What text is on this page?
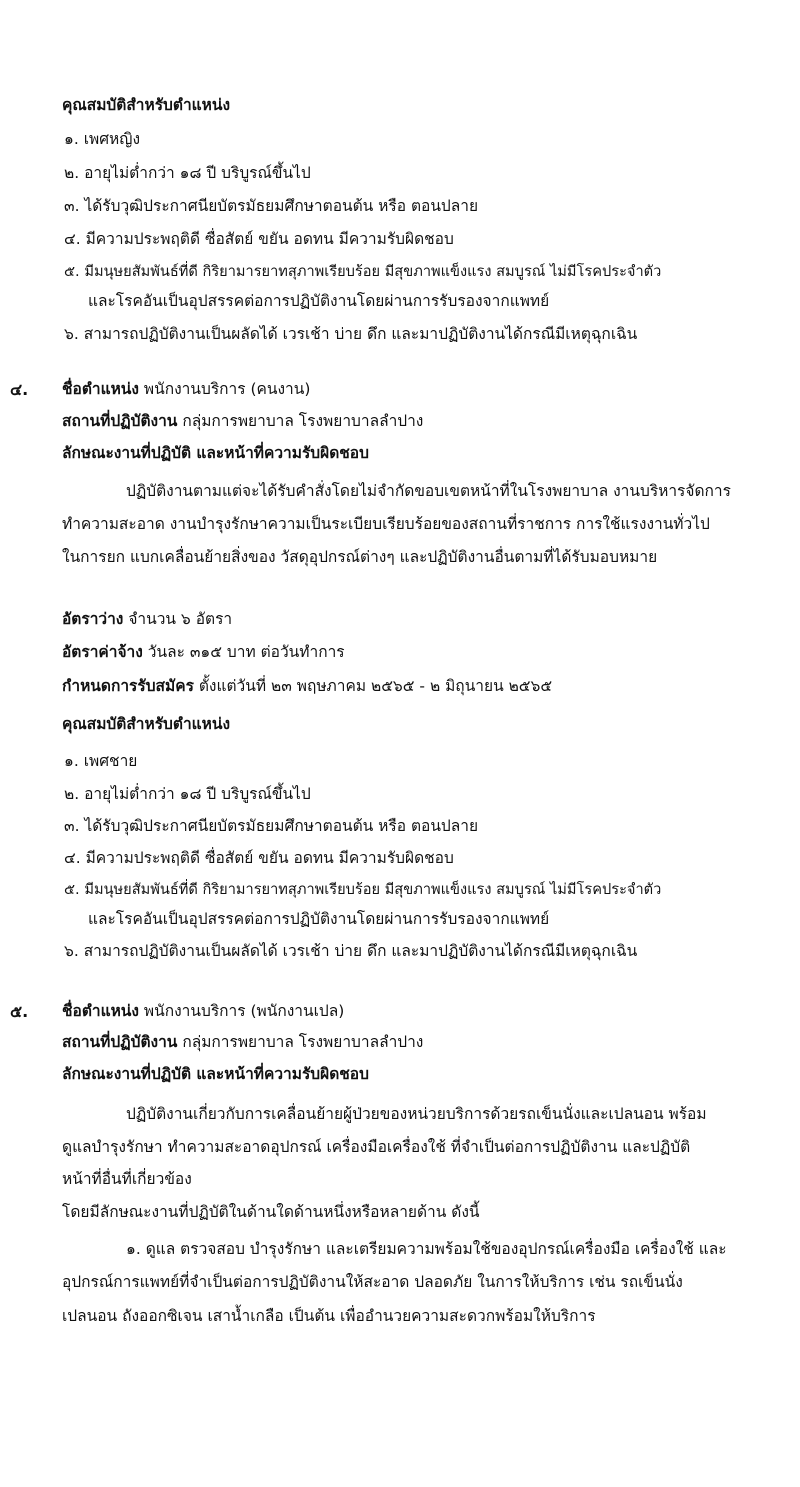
คุณสมบัติสำหรับตำแหน่ง
๑. เพศหญิง
๒. อายุไม่ต่ำกว่า ๑๘ ปี บริบูรณ์ขึ้นไป
๓. ได้รับวุฒิประกาศนียบัตรมัธยมศึกษาตอนต้น หรือ ตอนปลาย
๔. มีความประพฤติดี ซื่อสัตย์ ขยัน อดทน มีความรับผิดชอบ
๕. มีมนุษยสัมพันธ์ที่ดี กิริยามารยาทสุภาพเรียบร้อย มีสุขภาพแข็งแรง สมบูรณ์ ไม่มีโรคประจำตัว
และโรคอันเป็นอุปสรรคต่อการปฏิบัติงานโดยผ่านการรับรองจากแพทย์
๖. สามารถปฏิบัติงานเป็นผลัดได้ เวรเช้า บ่าย ดึก และมาปฏิบัติงานได้กรณีมีเหตุฉุกเฉิน
๔. ชื่อตำแหน่ง พนักงานบริการ (คนงาน)
สถานที่ปฏิบัติงาน กลุ่มการพยาบาล โรงพยาบาลลำปาง
ลักษณะงานที่ปฏิบัติ และหน้าที่ความรับผิดชอบ
ปฏิบัติงานตามแต่จะได้รับคำสั่งโดยไม่จำกัดขอบเขตหน้าที่ในโรงพยาบาล งานบริหารจัดการ
ทำความสะอาด งานบำรุงรักษาความเป็นระเบียบเรียบร้อยของสถานที่ราชการ การใช้แรงงานทั่วไป
ในการยก แบกเคลื่อนย้ายสิ่งของ วัสดุอุปกรณ์ต่างๆ และปฏิบัติงานอื่นตามที่ได้รับมอบหมาย
อัตราว่าง จำนวน ๖ อัตรา
อัตราค่าจ้าง วันละ ๓๑๕ บาท ต่อวันทำการ
กำหนดการรับสมัคร ตั้งแต่วันที่ ๒๓ พฤษภาคม ๒๕๖๕ - ๒ มิถุนายน ๒๕๖๕
คุณสมบัติสำหรับตำแหน่ง
๑. เพศชาย
๒. อายุไม่ต่ำกว่า ๑๘ ปี บริบูรณ์ขึ้นไป
๓. ได้รับวุฒิประกาศนียบัตรมัธยมศึกษาตอนต้น หรือ ตอนปลาย
๔. มีความประพฤติดี ซื่อสัตย์ ขยัน อดทน มีความรับผิดชอบ
๕. มีมนุษยสัมพันธ์ที่ดี กิริยามารยาทสุภาพเรียบร้อย มีสุขภาพแข็งแรง สมบูรณ์ ไม่มีโรคประจำตัว
และโรคอันเป็นอุปสรรคต่อการปฏิบัติงานโดยผ่านการรับรองจากแพทย์
๖. สามารถปฏิบัติงานเป็นผลัดได้ เวรเช้า บ่าย ดึก และมาปฏิบัติงานได้กรณีมีเหตุฉุกเฉิน
๕. ชื่อตำแหน่ง พนักงานบริการ (พนักงานเปล)
สถานที่ปฏิบัติงาน กลุ่มการพยาบาล โรงพยาบาลลำปาง
ลักษณะงานที่ปฏิบัติ และหน้าที่ความรับผิดชอบ
ปฏิบัติงานเกี่ยวกับการเคลื่อนย้ายผู้ป่วยของหน่วยบริการด้วยรถเข็นนั่งและเปลนอน พร้อม
ดูแลบำรุงรักษา ทำความสะอาดอุปกรณ์ เครื่องมือเครื่องใช้ ที่จำเป็นต่อการปฏิบัติงาน และปฏิบัติ
หน้าที่อื่นที่เกี่ยวข้อง
โดยมีลักษณะงานที่ปฏิบัติในด้านใดด้านหนึ่งหรือหลายด้าน ดังนี้
๑. ดูแล ตรวจสอบ บำรุงรักษา และเตรียมความพร้อมใช้ของอุปกรณ์เครื่องมือ เครื่องใช้ และ
อุปกรณ์การแพทย์ที่จำเป็นต่อการปฏิบัติงานให้สะอาด ปลอดภัย ในการให้บริการ เช่น รถเข็นนั่ง
เปลนอน ถังออกซิเจน เสาน้ำเกลือ เป็นต้น เพื่ออำนวยความสะดวกพร้อมให้บริการ
